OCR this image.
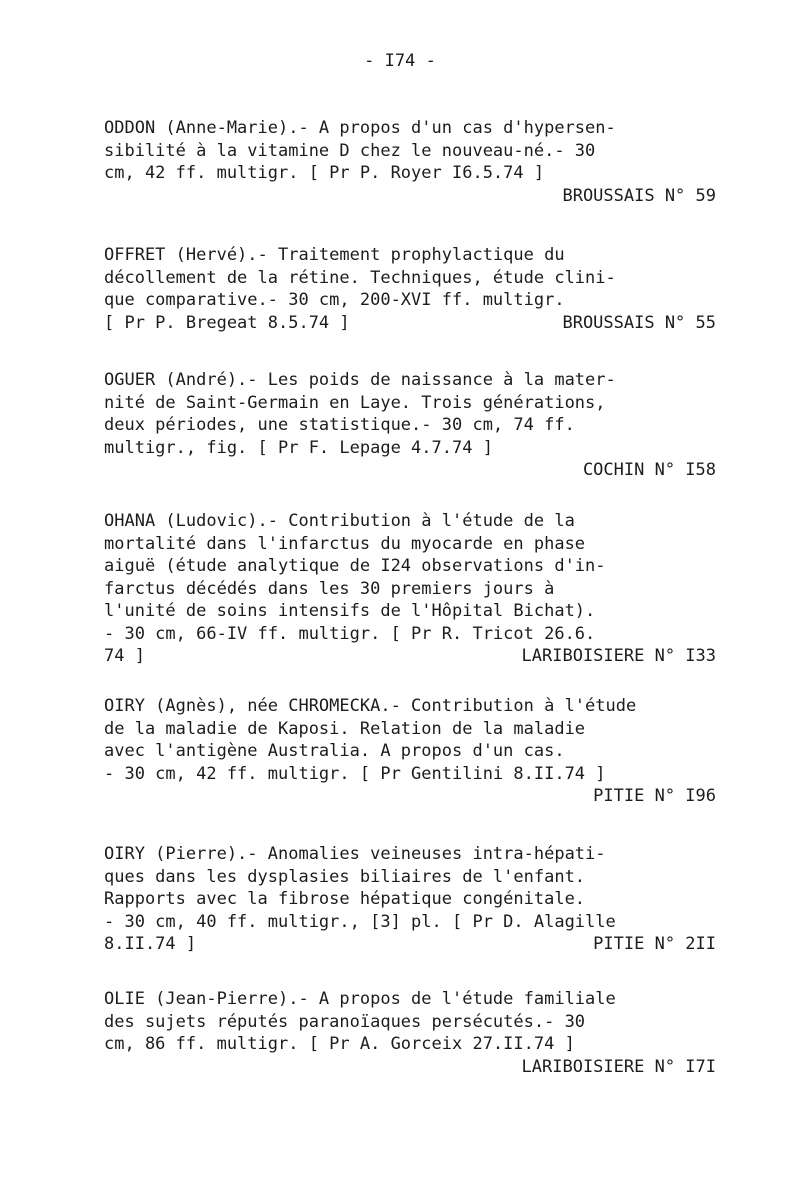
- I74 -
ODDON (Anne-Marie).- A propos d'un cas d'hypersen-
sibilité à la vitamine D chez le nouveau-né.- 30
cm, 42 ff. multigr. [ Pr P. Royer I6.5.74 ]
BROUSSAIS N° 59
OFFRET (Hervé).- Traitement prophylactique du
décollement de la rétine. Techniques, étude clini-
que comparative.- 30 cm, 200-XVI ff. multigr.
[ Pr P. Bregeat 8.5.74 ]	BROUSSAIS N° 55
OGUER (André).- Les poids de naissance à la mater-
nité de Saint-Germain en Laye. Trois générations,
deux périodes, une statistique.- 30 cm, 74 ff.
multigr., fig. [ Pr F. Lepage 4.7.74 ]
COCHIN N° I58
OHANA (Ludovic).- Contribution à l'étude de la
mortalité dans l'infarctus du myocarde en phase
aiguë (étude analytique de I24 observations d'in-
farctus décédés dans les 30 premiers jours à
l'unité de soins intensifs de l'Hôpital Bichat).
- 30 cm, 66-IV ff. multigr. [ Pr R. Tricot 26.6.
74 ]	LARIBOISIERE N° I33
OIRY (Agnès), née CHROMECKA.- Contribution à l'étude
de la maladie de Kaposi. Relation de la maladie
avec l'antigène Australia. A propos d'un cas.
- 30 cm, 42 ff. multigr. [ Pr Gentilini 8.II.74 ]
PITIE N° I96
OIRY (Pierre).- Anomalies veineuses intra-hépati-
ques dans les dysplasies biliaires de l'enfant.
Rapports avec la fibrose hépatique congénitale.
- 30 cm, 40 ff. multigr., [3] pl. [ Pr D. Alagille
8.II.74 ]	PITIE N° 2II
OLIE (Jean-Pierre).- A propos de l'étude familiale
des sujets réputés paranoïaques persécutés.- 30
cm, 86 ff. multigr. [ Pr A. Gorceix 27.II.74 ]
LARIBOISIERE N° I7I
